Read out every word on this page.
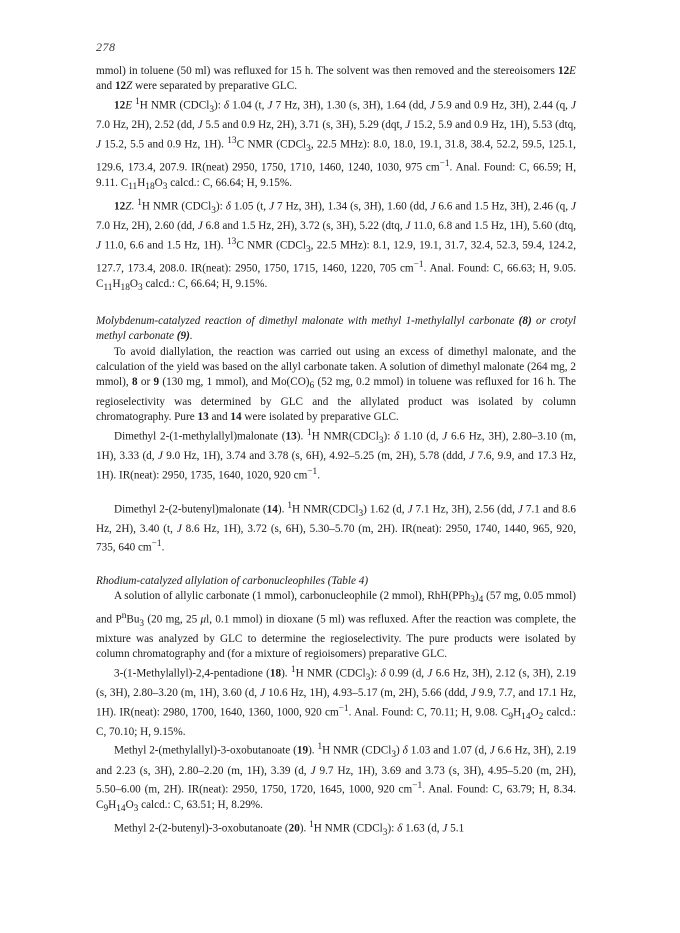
278

mmol) in toluene (50 ml) was refluxed for 15 h. The solvent was then removed and the stereoisomers 12E and 12Z were separated by preparative GLC.

12E $^1$H NMR (CDCl$_3$): δ 1.04 (t, J 7 Hz, 3H), 1.30 (s, 3H), 1.64 (dd, J 5.9 and 0.9 Hz, 3H), 2.44 (q, J 7.0 Hz, 2H), 2.52 (dd, J 5.5 and 0.9 Hz, 2H), 3.71 (s, 3H), 5.29 (dqt, J 15.2, 5.9 and 0.9 Hz, 1H), 5.53 (dtq, J 15.2, 5.5 and 0.9 Hz, 1H). $^{13}$C NMR (CDCl$_3$, 22.5 MHz): 8.0, 18.0, 19.1, 31.8, 38.4, 52.2, 59.5, 125.1, 129.6, 173.4, 207.9. IR(neat) 2950, 1750, 1710, 1460, 1240, 1030, 975 $cm^{-1}$. Anal. Found: C, 66.59; H, 9.11. $C_{11}H_{18}O_3$ calcd.: C, 66.64; H, 9.15%.

12Z. $^1$H NMR (CDCl$_3$): δ 1.05 (t, J 7 Hz, 3H), 1.34 (s, 3H), 1.60 (dd, J 6.6 and 1.5 Hz, 3H), 2.46 (q, J 7.0 Hz, 2H), 2.60 (dd, J 6.8 and 1.5 Hz, 2H), 3.72 (s, 3H), 5.22 (dtq, J 11.0, 6.8 and 1.5 Hz, 1H), 5.60 (dtq, J 11.0, 6.6 and 1.5 Hz, 1H). $^{13}$C NMR (CDCl$_3$, 22.5 MHz): 8.1, 12.9, 19.1, 31.7, 32.4, 52.3, 59.4, 124.2, 127.7, 173.4, 208.0. IR(neat): 2950, 1750, 1715, 1460, 1220, 705 $cm^{-1}$. Anal. Found: C, 66.63; H, 9.05. $C_{11}H_{18}O_3$ calcd.: C, 66.64; H, 9.15%.

Molybdenum-catalyzed reaction of dimethyl malonate with methyl 1-methylallyl carbonate (8) or crotyl methyl carbonate (9).

To avoid diallylation, the reaction was carried out using an excess of dimethyl malonate, and the calculation of the yield was based on the allyl carbonate taken. A solution of dimethyl malonate (264 mg, 2 mmol), 8 or 9 (130 mg, 1 mmol), and $Mo(CO)_6$ (52 mg, 0.2 mmol) in toluene was refluxed for 16 h. The regioselectivity was determined by GLC and the allylated product was isolated by column chromatography. Pure 13 and 14 were isolated by preparative GLC.

Dimethyl 2-(1-methylallyl)malonate (13). $^1$H NMR(CDCl$_3$): δ 1.10 (d, J 6.6 Hz, 3H), 2.80–3.10 (m, 1H), 3.33 (d, J 9.0 Hz, 1H), 3.74 and 3.78 (s, 6H), 4.92–5.25 (m, 2H), 5.78 (ddd, J 7.6, 9.9, and 17.3 Hz, 1H). IR(neat): 2950, 1735, 1640, 1020, 920 $cm^{-1}$.

Dimethyl 2-(2-butenyl)malonate (14). $^1$H NMR(CDCl$_3$) 1.62 (d, J 7.1 Hz, 3H), 2.56 (dd, J 7.1 and 8.6 Hz, 2H), 3.40 (t, J 8.6 Hz, 1H), 3.72 (s, 6H), 5.30–5.70 (m, 2H). IR(neat): 2950, 1740, 1440, 965, 920, 735, 640 $cm^{-1}$.

Rhodium-catalyzed allylation of carbonucleophiles (Table 4)

A solution of allylic carbonate (1 mmol), carbonucleophile (2 mmol), $RhH(PPh_3)_4$ (57 mg, 0.05 mmol) and $P^nBu_3$ (20 mg, 25 μl, 0.1 mmol) in dioxane (5 ml) was refluxed. After the reaction was complete, the mixture was analyzed by GLC to determine the regioselectivity. The pure products were isolated by column chromatography and (for a mixture of regioisomers) preparative GLC.

3-(1-Methylallyl)-2,4-pentadione (18). $^1$H NMR (CDCl$_3$): δ 0.99 (d, J 6.6 Hz, 3H), 2.12 (s, 3H), 2.19 (s, 3H), 2.80–3.20 (m, 1H), 3.60 (d, J 10.6 Hz, 1H), 4.93–5.17 (m, 2H), 5.66 (ddd, J 9.9, 7.7, and 17.1 Hz, 1H). IR(neat): 2980, 1700, 1640, 1360, 1000, 920 $cm^{-1}$. Anal. Found: C, 70.11; H, 9.08. $C_9H_{14}O_2$ calcd.: C, 70.10; H, 9.15%.

Methyl 2-(methylallyl)-3-oxobutanoate (19). $^1$H NMR (CDCl$_3$) δ 1.03 and 1.07 (d, J 6.6 Hz, 3H), 2.19 and 2.23 (s, 3H), 2.80–2.20 (m, 1H), 3.39 (d, J 9.7 Hz, 1H), 3.69 and 3.73 (s, 3H), 4.95–5.20 (m, 2H), 5.50–6.00 (m, 2H). IR(neat): 2950, 1750, 1720, 1645, 1000, 920 $cm^{-1}$. Anal. Found: C, 63.79; H, 8.34. $C_9H_{14}O_3$ calcd.: C, 63.51; H, 8.29%.

Methyl 2-(2-butenyl)-3-oxobutanoate (20). $^1$H NMR (CDCl$_3$): δ 1.63 (d, J 5.1
